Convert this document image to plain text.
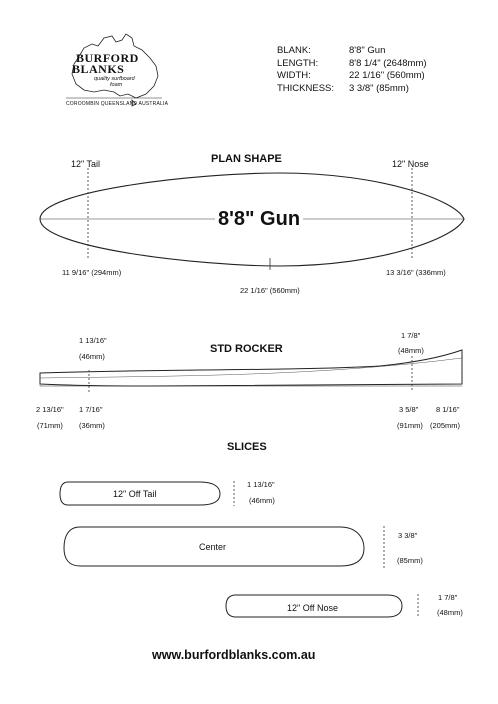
BURFORD
BLANKS
quality surfboard
foam
COROOMBIN QUEENSLAND AUSTRALIA
BLANK:	8'8" Gun
LENGTH:	8'8 1/4" (2648mm)
WIDTH:	22 1/16" (560mm)
THICKNESS:	3 3/8" (85mm)
PLAN SHAPE
12" Tail	12" Nose
8'8" Gun
11 9/16" (294mm)
22 1/16" (560mm)
13 3/16" (336mm)
STD ROCKER
1 13/16"
(46mm)
1 7/8"
(48mm)
2 13/16"
(71mm)
1 7/16"
(36mm)
3 5/8"
(91mm)
8 1/16"
(205mm)
SLICES
12" Off Tail
1 13/16"
(46mm)
Center
3 3/8"
(85mm)
12" Off Nose
1 7/8"
(48mm)
www.burfordblanks.com.au
